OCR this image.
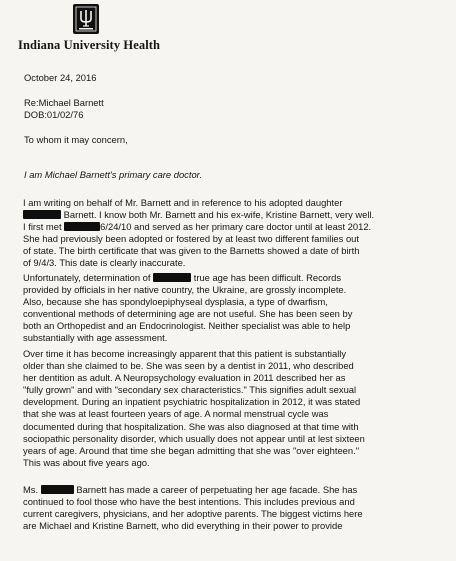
Indiana University Health
October 24, 2016
Re:Michael Barnett
DOB:01/02/76
To whom it may concern,
I am Michael Barnett's primary care doctor.
I am writing on behalf of Mr. Barnett and in reference to his adopted daughter
Barnett. I know both Mr. Barnett and his ex-wife, Kristine Barnett, very well.
I first met	6/24/10 and served as her primary care doctor until at least 2012.
She had previously been adopted or fostered by at least two different families out
of state. The birth certificate that was given to the Barnetts showed a date of birth
of 9/4/3. This date is clearly inaccurate.
Unfortunately, determination of	true age has been difficult. Records
provided by officials in her native country, the Ukraine, are grossly incomplete.
Also, because she has spondyloepiphyseal dysplasia, a type of dwarfism,
conventional methods of determining age are not useful. She has been seen by
both an Orthopedist and an Endocrinologist. Neither specialist was able to help
substantially with age assessment.
Over time it has become increasingly apparent that this patient is substantially
older than she claimed to be. She was seen by a dentist in 2011, who described
her dentition as adult. A Neuropsychology evaluation in 2011 described her as
"fully grown" and with "secondary sex characteristics." This signifies adult sexual
development. During an inpatient psychiatric hospitalization in 2012, it was stated
that she was at least fourteen years of age. A normal menstrual cycle was
documented during that hospitalization. She was also diagnosed at that time with
sociopathic personality disorder, which usually does not appear until at lest sixteen
years of age. Around that time she began admitting that she was "over eighteen."
This was about five years ago.
Ms.	Barnett has made a career of perpetuating her age facade. She has
continued to fool those who have the best intentions. This includes previous and
current caregivers, physicians, and her adoptive parents. The biggest victims here
are Michael and Kristine Barnett, who did everything in their power to provide
